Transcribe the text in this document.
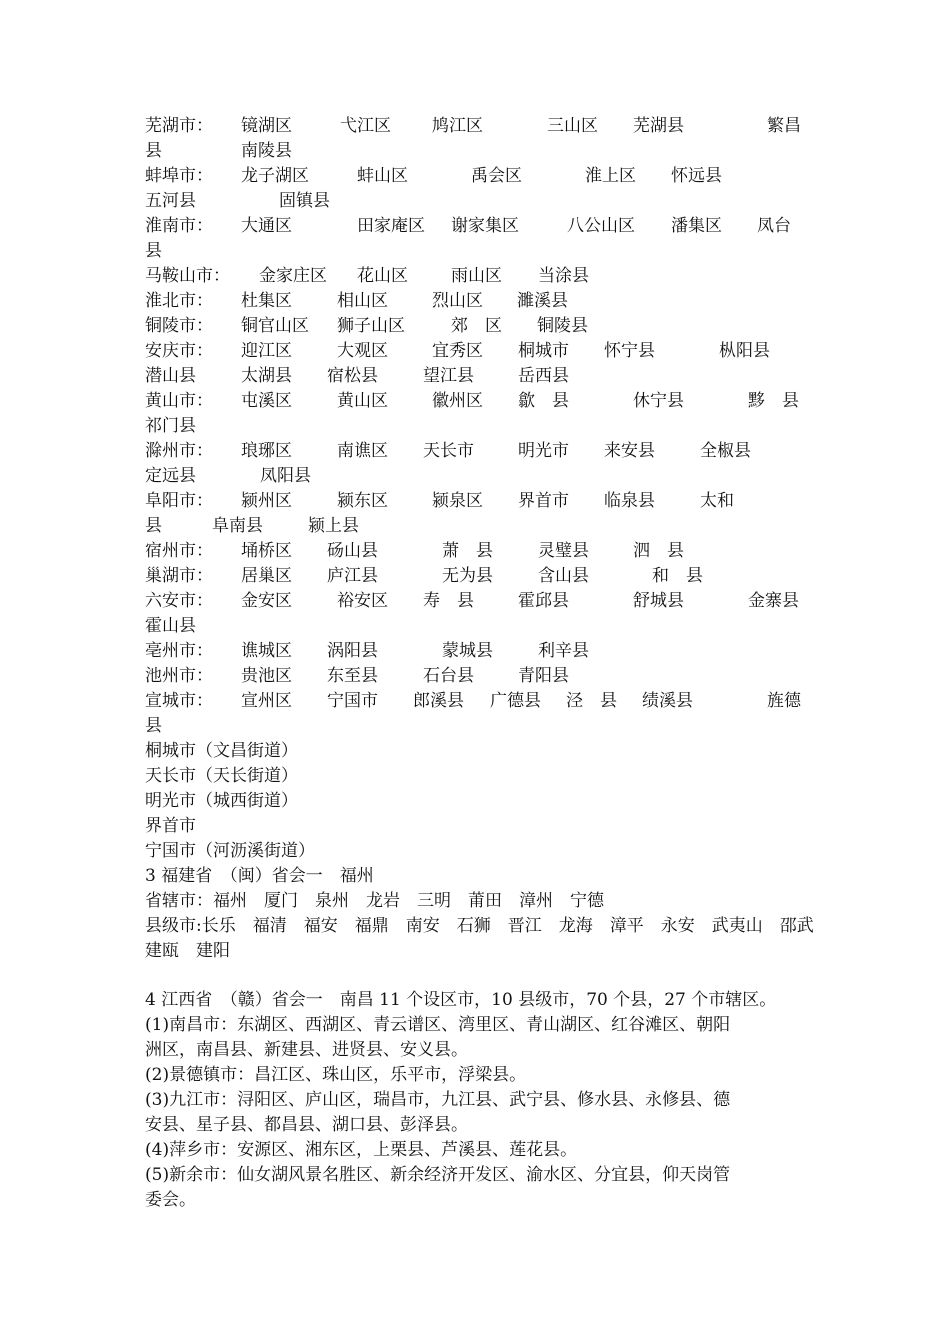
芜湖市： 镜湖区	弋江区 鸠江区	三山区 芜湖县	繁昌
县	南陵县
蚌埠市： 龙子湖区	蚌山区	禹会区	淮上区 怀远县
五河县	固镇县
淮南市： 大通区	田家庵区 谢家集区	八公山区 潘集区 凤台
县
马鞍山市： 金家庄区 花山区	雨山区 当涂县
淮北市： 杜集区	相山区	烈山区 濉溪县
铜陵市： 铜官山区 狮子山区	郊　区 铜陵县
安庆市： 迎江区	大观区	宜秀区 桐城市 怀宁县	枞阳县
潜山县	太湖县 宿松县	望江县	岳西县
黄山市： 屯溪区	黄山区	徽州区 歙　县	休宁县	黟　县
祁门县
滁州市： 琅琊区	南谯区 天长市	明光市 来安县	全椒县
定远县	凤阳县
阜阳市： 颍州区	颍东区	颍泉区 界首市 临泉县	太和
县	阜南县	颍上县
宿州市： 埇桥区 砀山县	萧　县	灵璧县	泗　县
巢湖市： 居巢区 庐江县	无为县	含山县	和　县
六安市： 金安区	裕安区 寿　县	霍邱县	舒城县	金寨县
霍山县
亳州市： 谯城区 涡阳县	蒙城县	利辛县
池州市： 贵池区 东至县	石台县	青阳县
宣城市： 宣州区 宁国市 郎溪县 广德县 泾　县 绩溪县	旌德
县
桐城市（文昌街道）
天长市（天长街道）
明光市（城西街道）
界首市
宁国市（河沥溪街道）
3 福建省　（闽）省会一　福州
省辖市：福州　厦门　泉州　龙岩　三明　莆田　漳州　宁德
县级市:长乐　福清　福安　福鼎　南安　石狮　晋江　龙海　漳平　永安　武夷山　邵武
建瓯　建阳
4 江西省　（赣）省会一　南昌 11 个设区市，10 县级市，70 个县，27 个市辖区。
(1)南昌市：东湖区、西湖区、青云谱区、湾里区、青山湖区、红谷滩区、朝阳
洲区，南昌县、新建县、进贤县、安义县。
(2)景德镇市：昌江区、珠山区，乐平市，浮梁县。
(3)九江市：浔阳区、庐山区，瑞昌市，九江县、武宁县、修水县、永修县、德
安县、星子县、都昌县、湖口县、彭泽县。
(4)萍乡市：安源区、湘东区，上栗县、芦溪县、莲花县。
(5)新余市：仙女湖风景名胜区、新余经济开发区、渝水区、分宜县，仰天岗管
委会。
